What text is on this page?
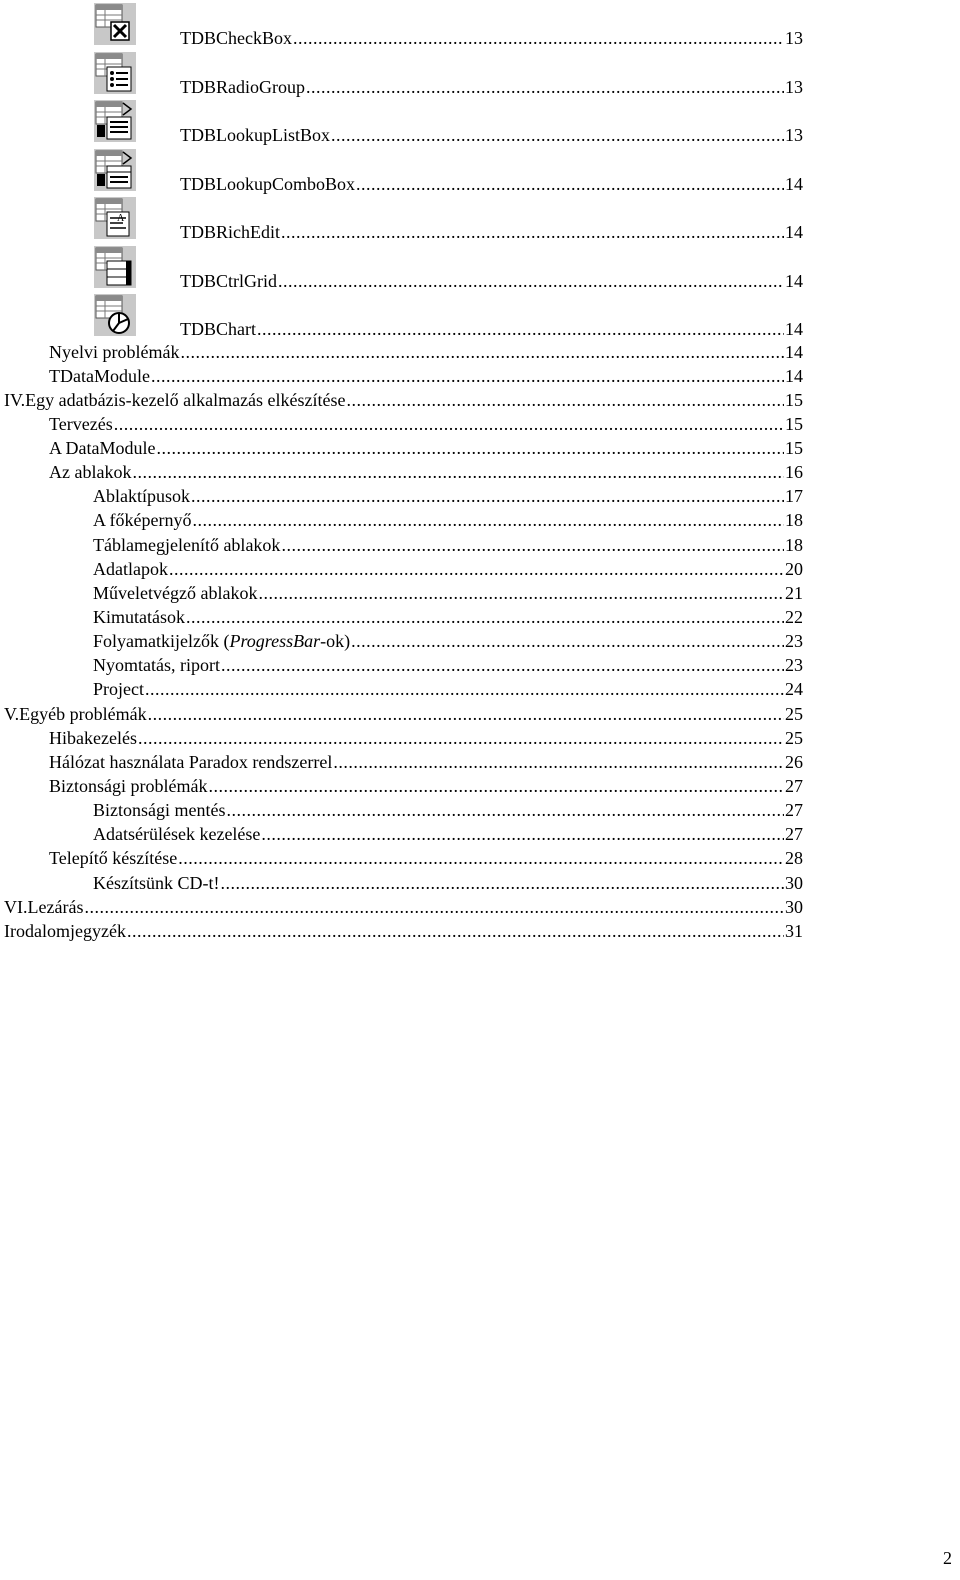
TDBCheckBox .....	13
TDBRadioGroup .....	13
TDBLookupListBox .....	13
TDBLookupComboBox .....	14
A
TDBRichEdit .....	14
TDBCtrlGrid .....	14
TDBChart .....	14
Nyelvi problémák .....	14
TDataModule .....	14
IV.Egy adatbázis-kezelő alkalmazás elkészítése .....	15
Tervezés .....	15
A DataModule .....	15
Az ablakok .....	16
Ablaktípusok .....	17
A főképernyő .....	18
Táblamegjelenítő ablakok .....	18
Adatlapok .....	20
Műveletvégző ablakok .....	21
Kimutatások .....	22
Folyamatkijelzők (ProgressBar-ok) .....	23
Nyomtatás, riport .....	23
Project .....	24
V.Egyéb problémák .....	25
Hibakezelés .....	25
Hálózat használata Paradox rendszerrel .....	26
Biztonsági problémák .....	27
Biztonsági mentés .....	27
Adatsérülések kezelése .....	27
Telepítő készítése .....	28
Készítsünk CD-t! .....	30
VI.Lezárás .....	30
Irodalomjegyzék .....	31
2
